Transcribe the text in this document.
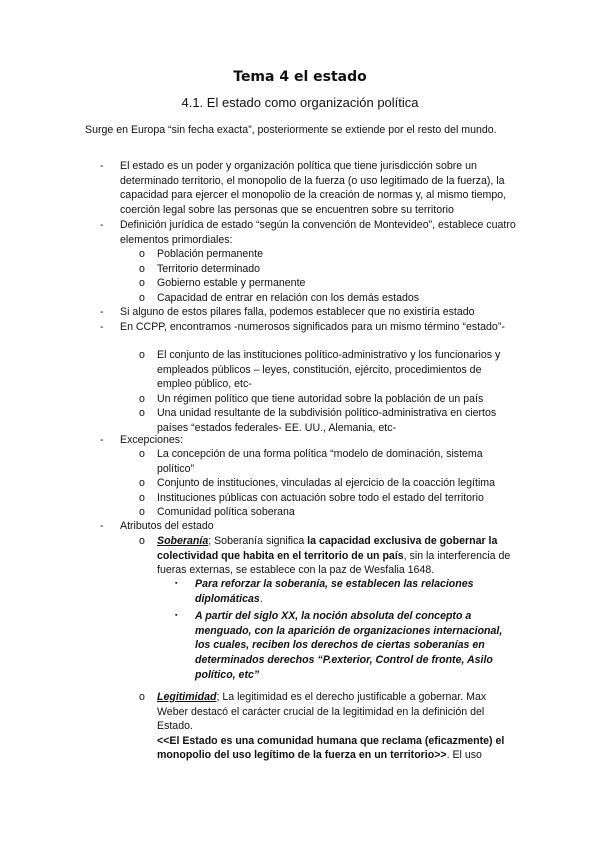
Tema 4 el estado
4.1. El estado como organización política
Surge en Europa “sin fecha exacta”, posteriormente se extiende por el resto del mundo.
- El estado es un poder y organización política que tiene jurisdicción sobre un determinado territorio, el monopolio de la fuerza (o uso legitimado de la fuerza), la capacidad para ejercer el monopolio de la creación de normas y, al mismo tiempo, coerción legal sobre las personas que se encuentren sobre su territorio
- Definición jurídica de estado “según la convención de Montevideo”, establece cuatro elementos primordiales:
o Población permanente
o Territorio determinado
o Gobierno estable y permanente
o Capacidad de entrar en relación con los demás estados
- Si alguno de estos pilares falla, podemos establecer que no existiría estado
- En CCPP, encontramos -numerosos significados para un mismo término “estado”-
o El conjunto de las instituciones político-administrativo y los funcionarios y empleados públicos – leyes, constitución, ejército, procedimientos de empleo público, etc-
o Un régimen político que tiene autoridad sobre la población de un país
o Una unidad resultante de la subdivisión político-administrativa en ciertos países “estados federales- EE. UU., Alemania, etc-
- Excepciones:
o La concepción de una forma política “modelo de dominación, sistema político”
o Conjunto de instituciones, vinculadas al ejercicio de la coacción legítima
o Instituciones públicas con actuación sobre todo el estado del territorio
o Comunidad política soberana
- Atributos del estado
o Soberanía; Soberanía significa la capacidad exclusiva de gobernar la colectividad que habita en el territorio de un país, sin la interferencia de fueras externas, se establece con la paz de Wesfalia 1648.
▪ Para reforzar la soberanía, se establecen las relaciones diplomáticas.
▪ A partir del siglo XX, la noción absoluta del concepto a menguado, con la aparición de organizaciones internacional, los cuales, reciben los derechos de ciertas soberanías en determinados derechos “P.exterior, Control de fronte, Asilo político, etc”
o Legitimidad; La legitimidad es el derecho justificable a gobernar. Max Weber destacó el carácter crucial de la legitimidad en la definición del Estado.
<<El Estado es una comunidad humana que reclama (eficazmente) el monopolio del uso legítimo de la fuerza en un territorio>>. El uso
